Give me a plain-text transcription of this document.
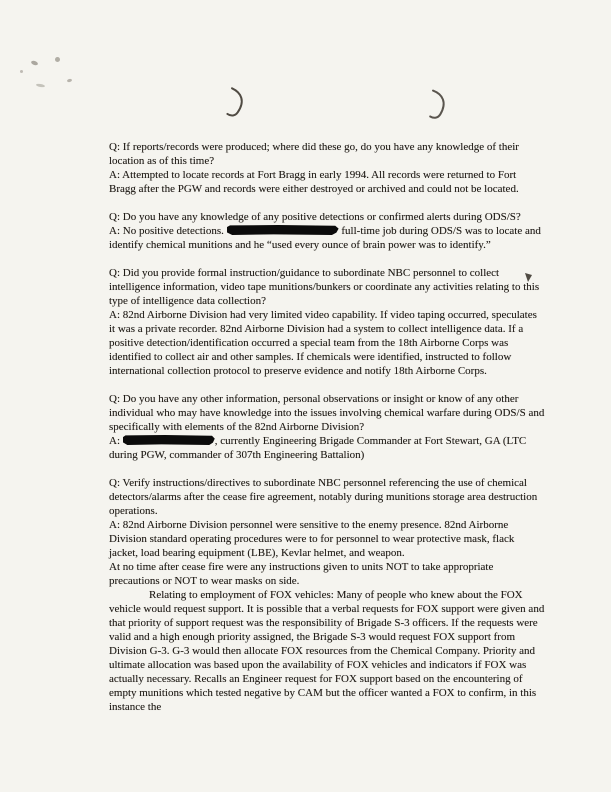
Q: If reports/records were produced; where did these go, do you have any knowledge of their location as of this time?

A: Attempted to locate records at Fort Bragg in early 1994. All records were returned to Fort Bragg after the PGW and records were either destroyed or archived and could not be located.

Q: Do you have any knowledge of any positive detections or confirmed alerts during ODS/S?

A: No positive detections.	full-time job during ODS/S was to locate and identify chemical munitions and he “used every ounce of brain power was to identify.”

Q: Did you provide formal instruction/guidance to subordinate NBC personnel to collect intelligence information, video tape munitions/bunkers or coordinate any activities relating to this type of intelligence data collection?

A: 82nd Airborne Division had very limited video capability. If video taping occurred, speculates it was a private recorder. 82nd Airborne Division had a system to collect intelligence data. If a positive detection/identification occurred a special team from the 18th Airborne Corps was identified to collect air and other samples. If chemicals were identified, instructed to follow international collection protocol to preserve evidence and notify 18th Airborne Corps.

Q: Do you have any other information, personal observations or insight or know of any other individual who may have knowledge into the issues involving chemical warfare during ODS/S and specifically with elements of the 82nd Airborne Division?

A:	, currently Engineering Brigade Commander at Fort Stewart, GA (LTC during PGW, commander of 307th Engineering Battalion)

Q: Verify instructions/directives to subordinate NBC personnel referencing the use of chemical detectors/alarms after the cease fire agreement, notably during munitions storage area destruction operations.

A: 82nd Airborne Division personnel were sensitive to the enemy presence. 82nd Airborne Division standard operating procedures were to for personnel to wear protective mask, flack jacket, load bearing equipment (LBE), Kevlar helmet, and weapon.

At no time after cease fire were any instructions given to units NOT to take appropriate precautions or NOT to wear masks on side.

Relating to employment of FOX vehicles: Many of people who knew about the FOX vehicle would request support. It is possible that a verbal requests for FOX support were given and that priority of support request was the responsibility of Brigade S-3 officers. If the requests were valid and a high enough priority assigned, the Brigade S-3 would request FOX support from Division G-3. G-3 would then allocate FOX resources from the Chemical Company. Priority and ultimate allocation was based upon the availability of FOX vehicles and indicators if FOX was actually necessary. Recalls an Engineer request for FOX support based on the encountering of empty munitions which tested negative by CAM but the officer wanted a FOX to confirm, in this instance the
